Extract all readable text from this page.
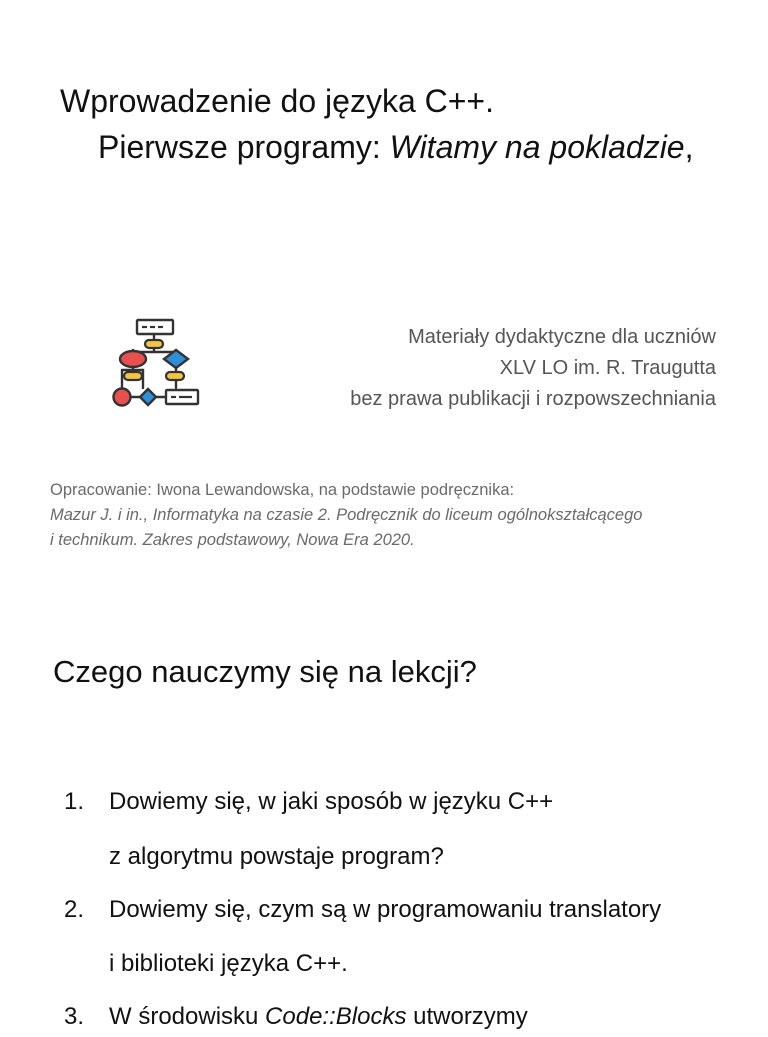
Wprowadzenie do języka C++.
Pierwsze programy: Witamy na pokladzie,
Materiały dydaktyczne dla uczniów
XLV LO im. R. Traugutta
bez prawa publikacji i rozpowszechniania
Opracowanie: Iwona Lewandowska, na podstawie podręcznika:
Mazur J. i in., Informatyka na czasie 2. Podręcznik do liceum ogólnokształcącego
i technikum. Zakres podstawowy, Nowa Era 2020.
Czego nauczymy się na lekcji?
1. Dowiemy się, w jaki sposób w języku C++
z algorytmu powstaje program?
2. Dowiemy się, czym są w programowaniu translatory
i biblioteki języka C++.
3. W środowisku Code::Blocks utworzymy
